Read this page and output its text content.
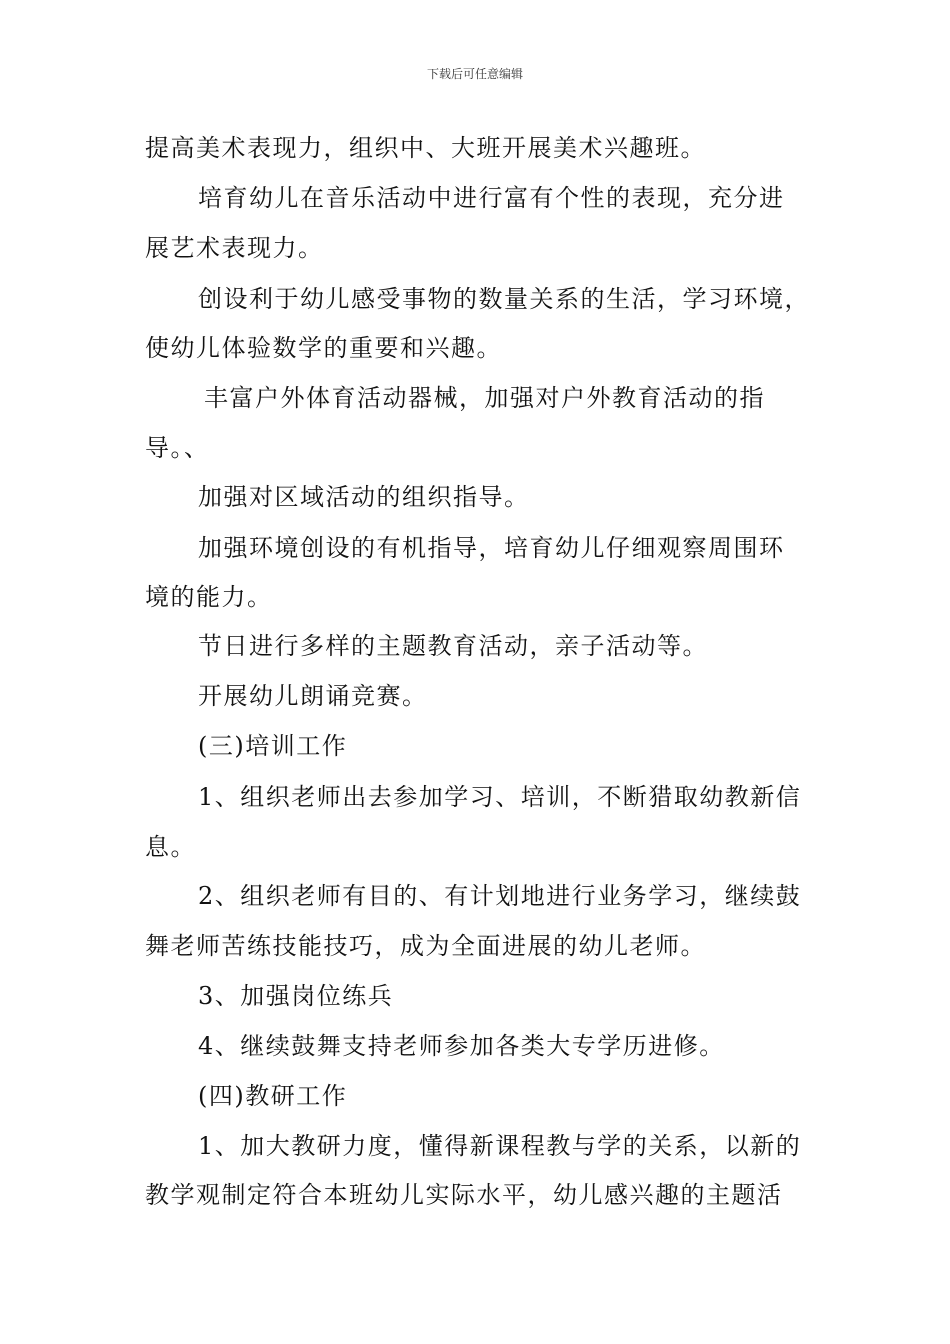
下载后可任意编辑
提高美术表现力，组织中、大班开展美术兴趣班。
培育幼儿在音乐活动中进行富有个性的表现，充分进
展艺术表现力。
创设利于幼儿感受事物的数量关系的生活，学习环境，
使幼儿体验数学的重要和兴趣。
丰富户外体育活动器械，加强对户外教育活动的指
导。、
加强对区域活动的组织指导。
加强环境创设的有机指导，培育幼儿仔细观察周围环
境的能力。
节日进行多样的主题教育活动，亲子活动等。
开展幼儿朗诵竞赛。
(三)培训工作
1、组织老师出去参加学习、培训，不断猎取幼教新信
息。
2、组织老师有目的、有计划地进行业务学习，继续鼓
舞老师苦练技能技巧，成为全面进展的幼儿老师。
3、加强岗位练兵
4、继续鼓舞支持老师参加各类大专学历进修。
(四)教研工作
1、加大教研力度，懂得新课程教与学的关系，以新的
教学观制定符合本班幼儿实际水平，幼儿感兴趣的主题活
